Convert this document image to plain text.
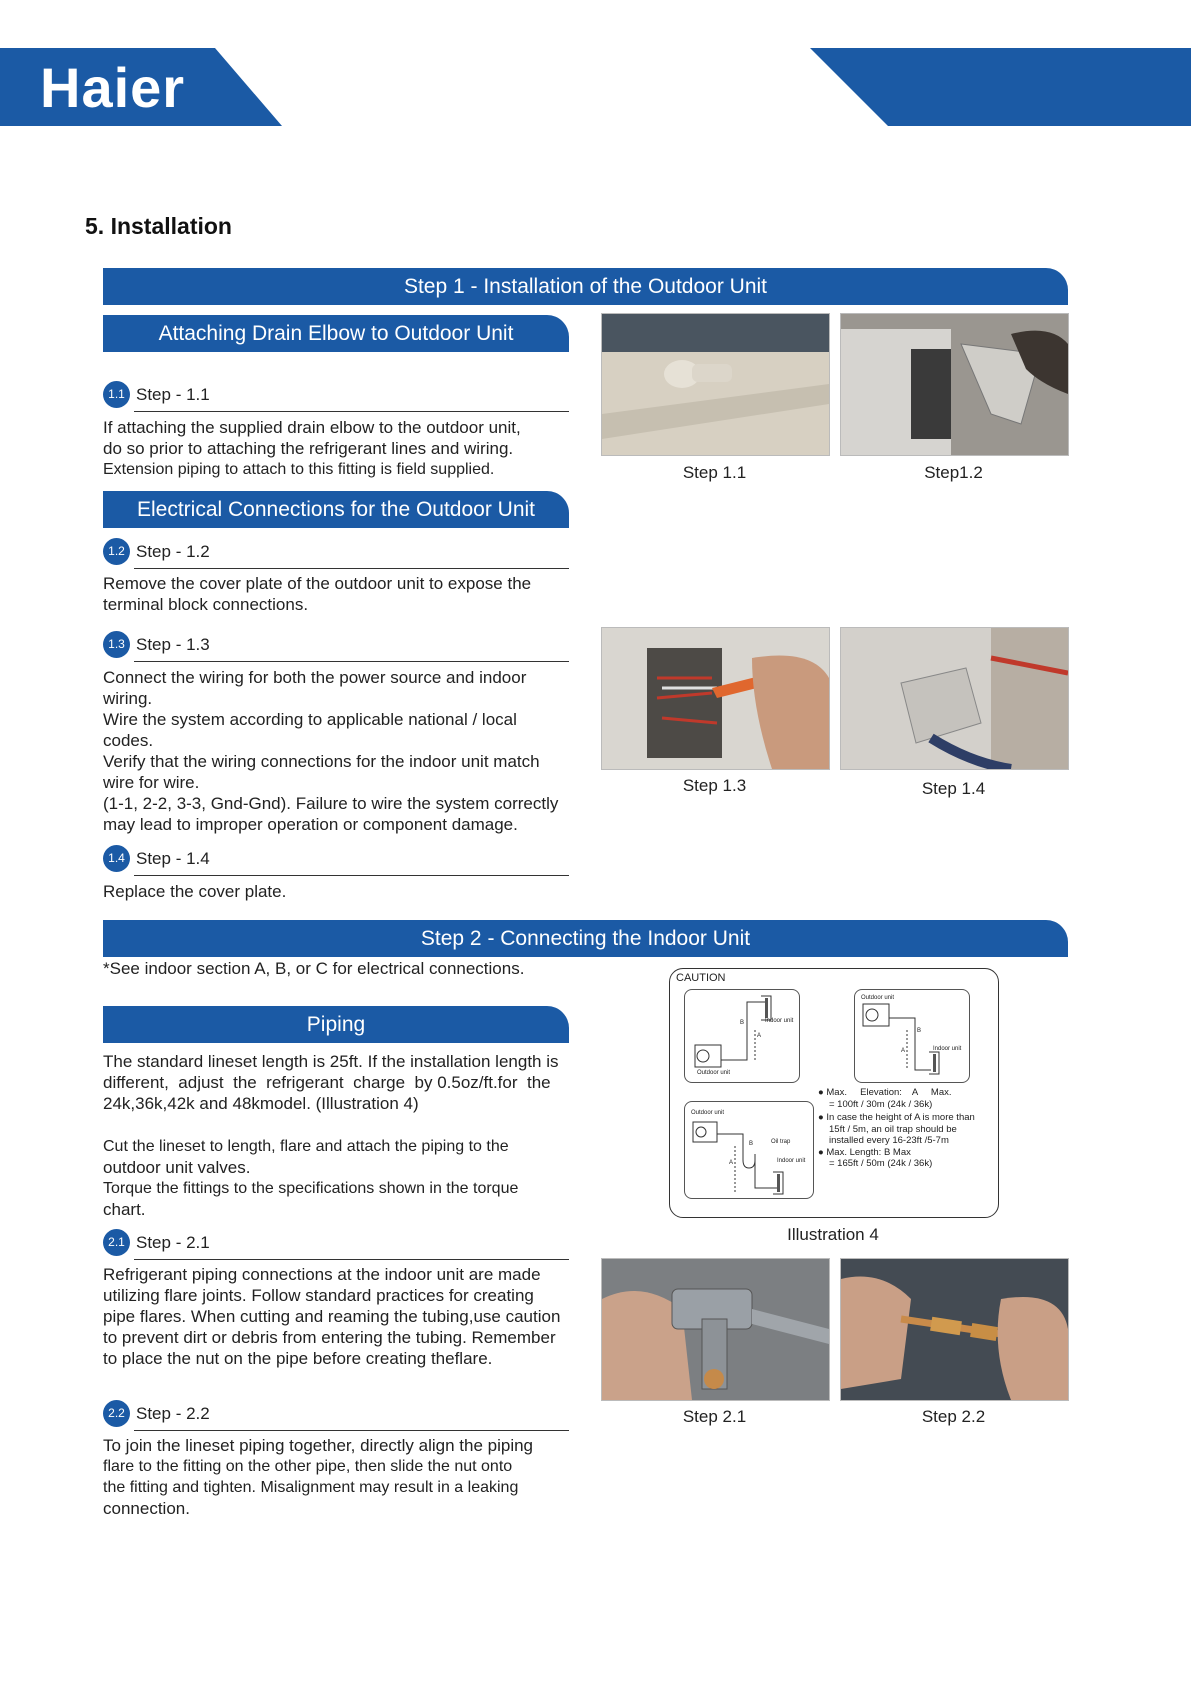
Haier
5. Installation
Step 1 - Installation of the Outdoor Unit
Attaching Drain Elbow to Outdoor Unit
1.1 Step - 1.1
If attaching the supplied drain elbow to the outdoor unit,
do so prior to attaching the refrigerant lines and wiring.
Extension piping to attach to this fitting is field supplied.
Electrical Connections for the Outdoor Unit
1.2 Step - 1.2
Remove the cover plate of the outdoor unit to expose the
terminal block connections.
1.3 Step - 1.3
Connect the wiring for both the power source and indoor
wiring.
Wire the system according to applicable national / local
codes.
Verify that the wiring connections for the indoor unit match
wire for wire.
(1-1, 2-2, 3-3, Gnd-Gnd). Failure to wire the system correctly
may lead to improper operation or component damage.
1.4 Step - 1.4
Replace the cover plate.
Step 1.1	Step1.2
Step 1.3	Step 1.4
Step 2 - Connecting the Indoor Unit
*See indoor section A, B, or C for electrical connections.
Piping
The standard lineset length is 25ft. If the installation length is
different,  adjust  the  refrigerant  charge  by 0.5oz/ft.for  the
24k,36k,42k and 48kmodel. (Illustration 4)
Cut the lineset to length, flare and attach the piping to the
outdoor unit valves.
Torque the fittings to the specifications shown in the torque
chart.
2.1 Step - 2.1
Refrigerant piping connections at the indoor unit are made
utilizing flare joints. Follow standard practices for creating
pipe flares. When cutting and reaming the tubing,use caution
to prevent dirt or debris from entering the tubing. Remember
to place the nut on the pipe before creating theflare.
2.2 Step - 2.2
To join the lineset piping together, directly align the piping
flare to the fitting on the other pipe, then slide the nut onto
the fitting and tighten. Misalignment may result in a leaking
connection.
CAUTION
Outdoor unit
Indoor unit
B
A
Outdoor unit
Indoor unit
B
A
Outdoor unit
Oil trap
Indoor unit
B
A
● Max.     Elevation:    A     Max.
= 100ft / 30m (24k / 36k)
● In case the height of A is more than
15ft / 5m, an oil trap should be
installed every 16-23ft /5-7m
● Max. Length: B Max
= 165ft / 50m (24k / 36k)
Illustration 4
Step 2.1	Step 2.2
